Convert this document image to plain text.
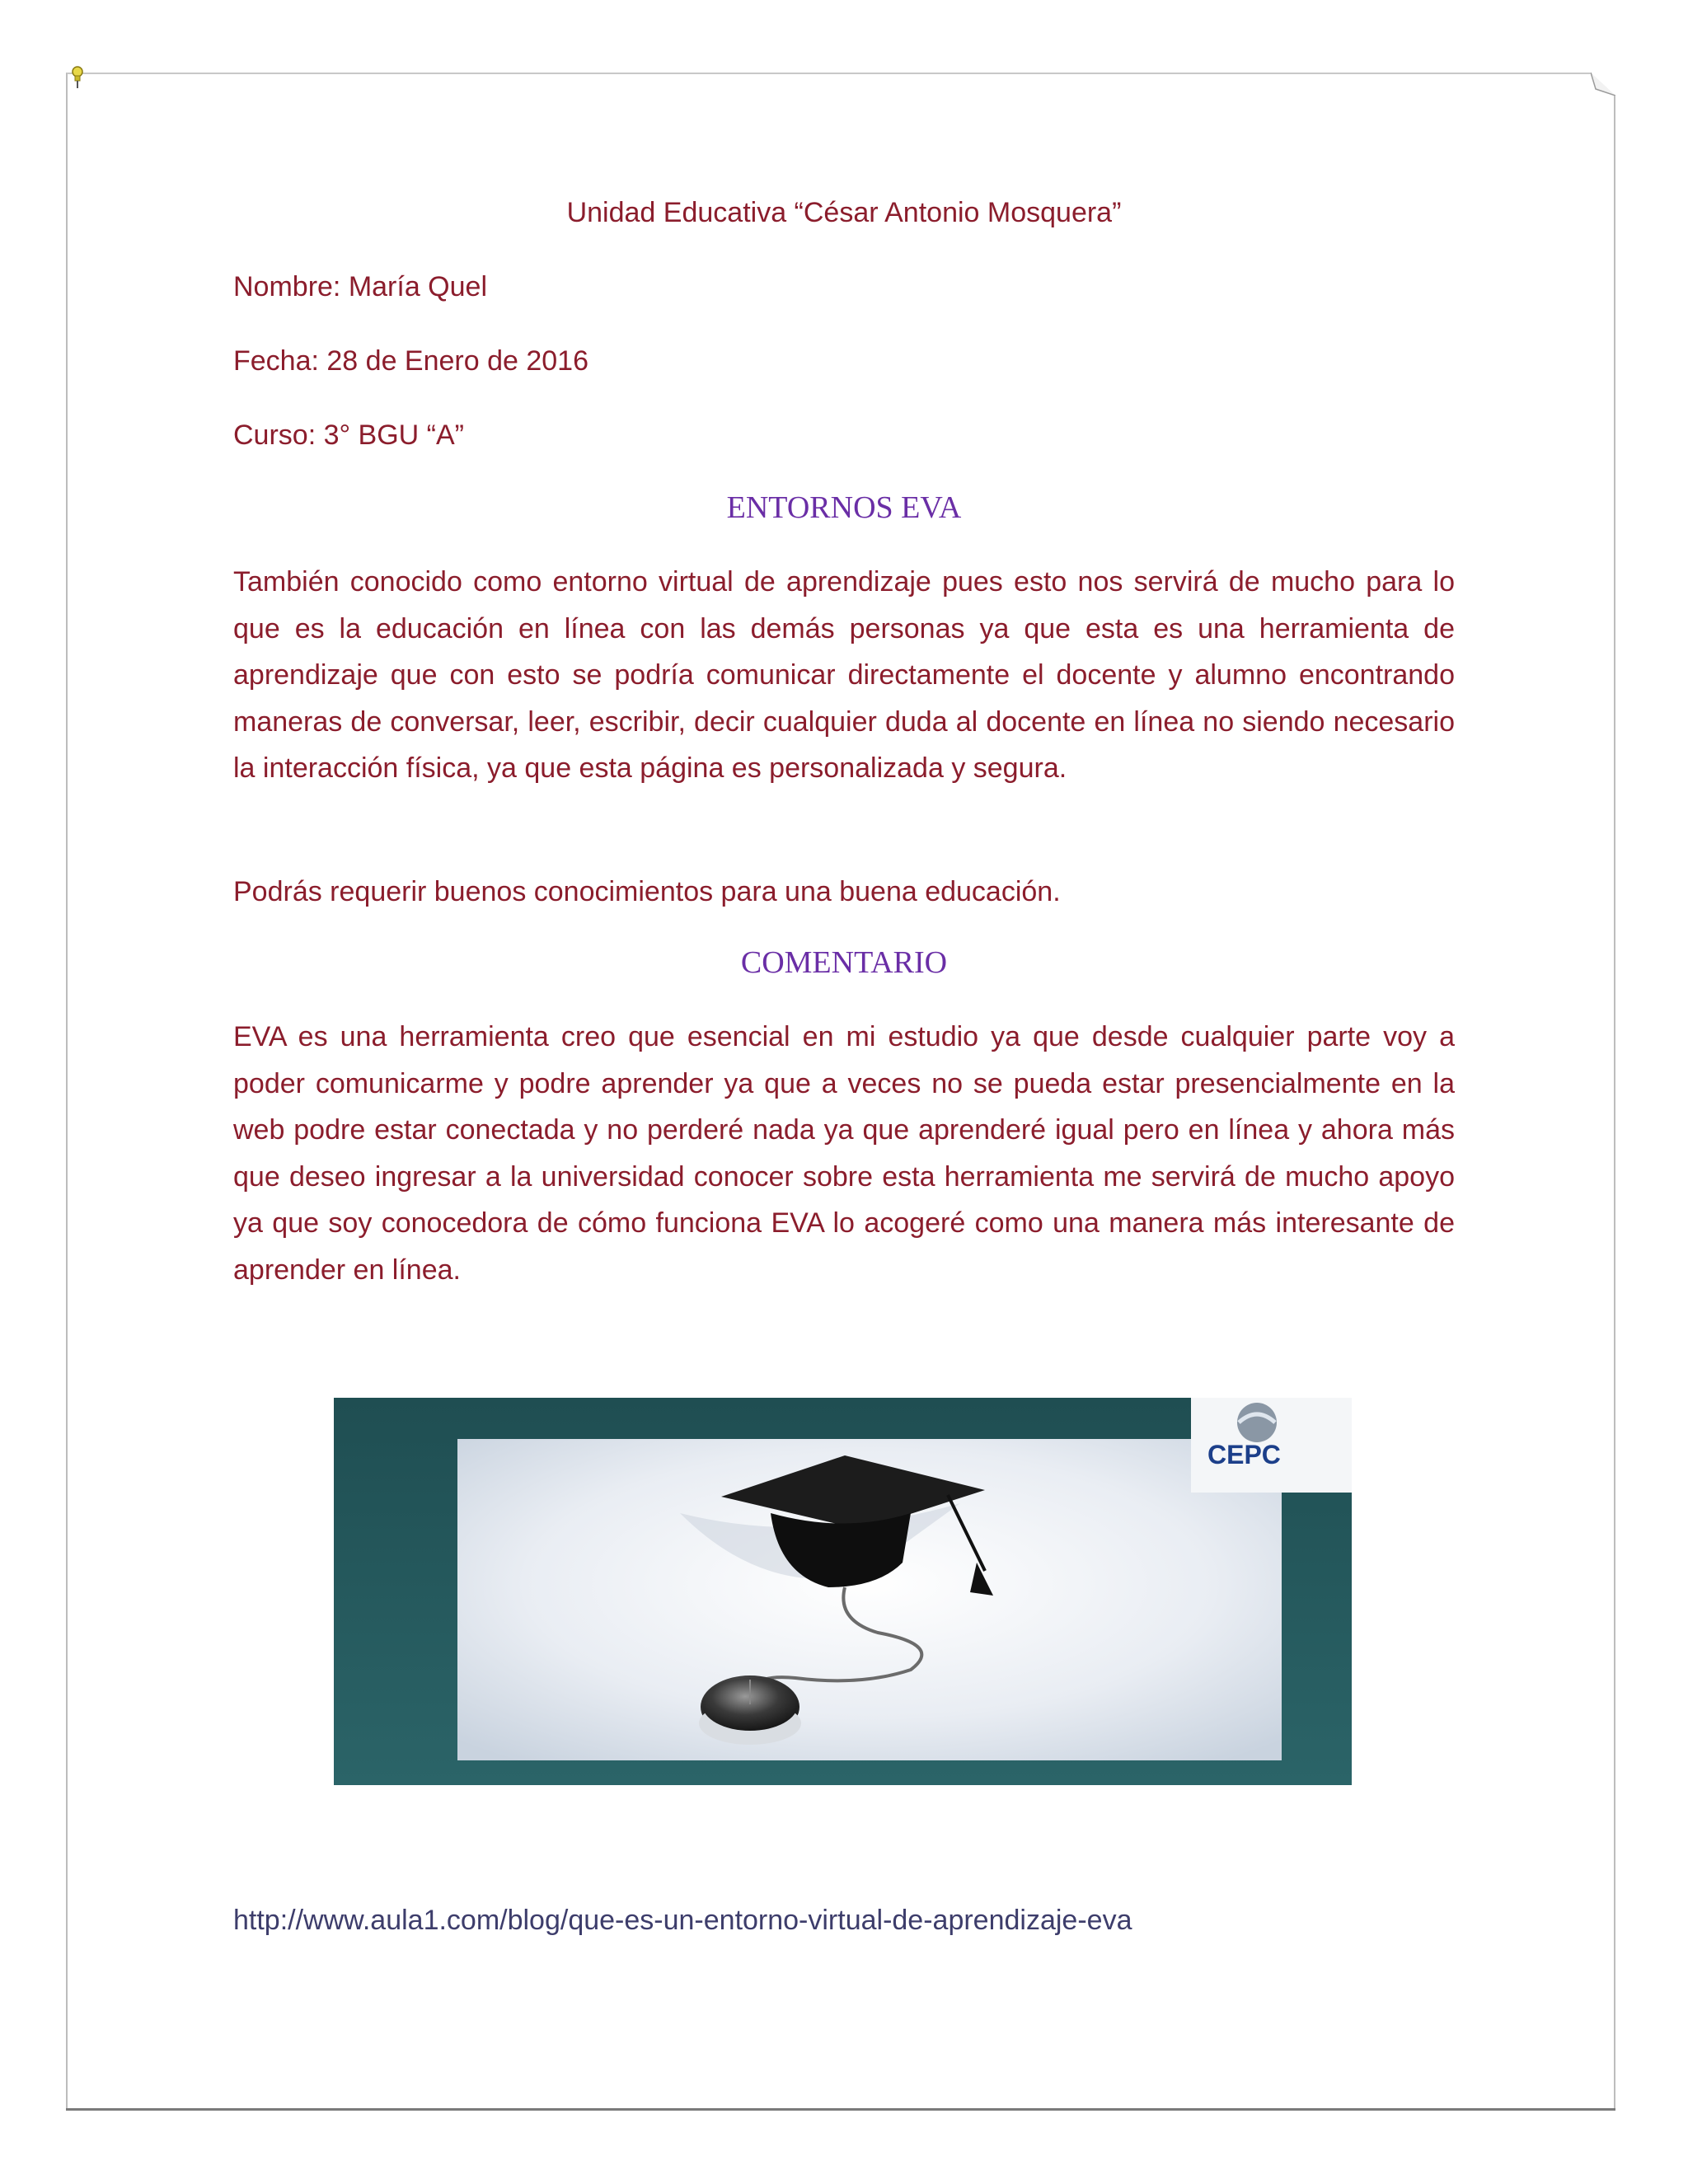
Unidad Educativa “César Antonio Mosquera”
Nombre: María Quel
Fecha: 28 de Enero de 2016
Curso: 3° BGU “A”
ENTORNOS EVA
También conocido como entorno virtual de aprendizaje pues esto nos servirá de mucho para lo que es la educación en línea con las demás personas ya que esta es una herramienta de aprendizaje que con esto se podría comunicar directamente el docente y alumno encontrando maneras de conversar, leer, escribir, decir cualquier duda al docente en línea no siendo necesario la interacción física, ya que esta página es personalizada y segura.
Podrás requerir buenos conocimientos para una buena educación.
COMENTARIO
EVA es una herramienta creo que esencial en mi estudio ya que desde cualquier parte voy a poder comunicarme y podre aprender ya que a veces no se pueda estar presencialmente en la web podre estar conectada y no perderé nada ya que aprenderé igual pero en línea y ahora más que deseo ingresar a la universidad conocer sobre esta herramienta me servirá de mucho apoyo ya que soy conocedora de cómo funciona EVA lo acogeré como una manera más interesante de aprender en línea.
http://www.aula1.com/blog/que-es-un-entorno-virtual-de-aprendizaje-eva
CEPC
